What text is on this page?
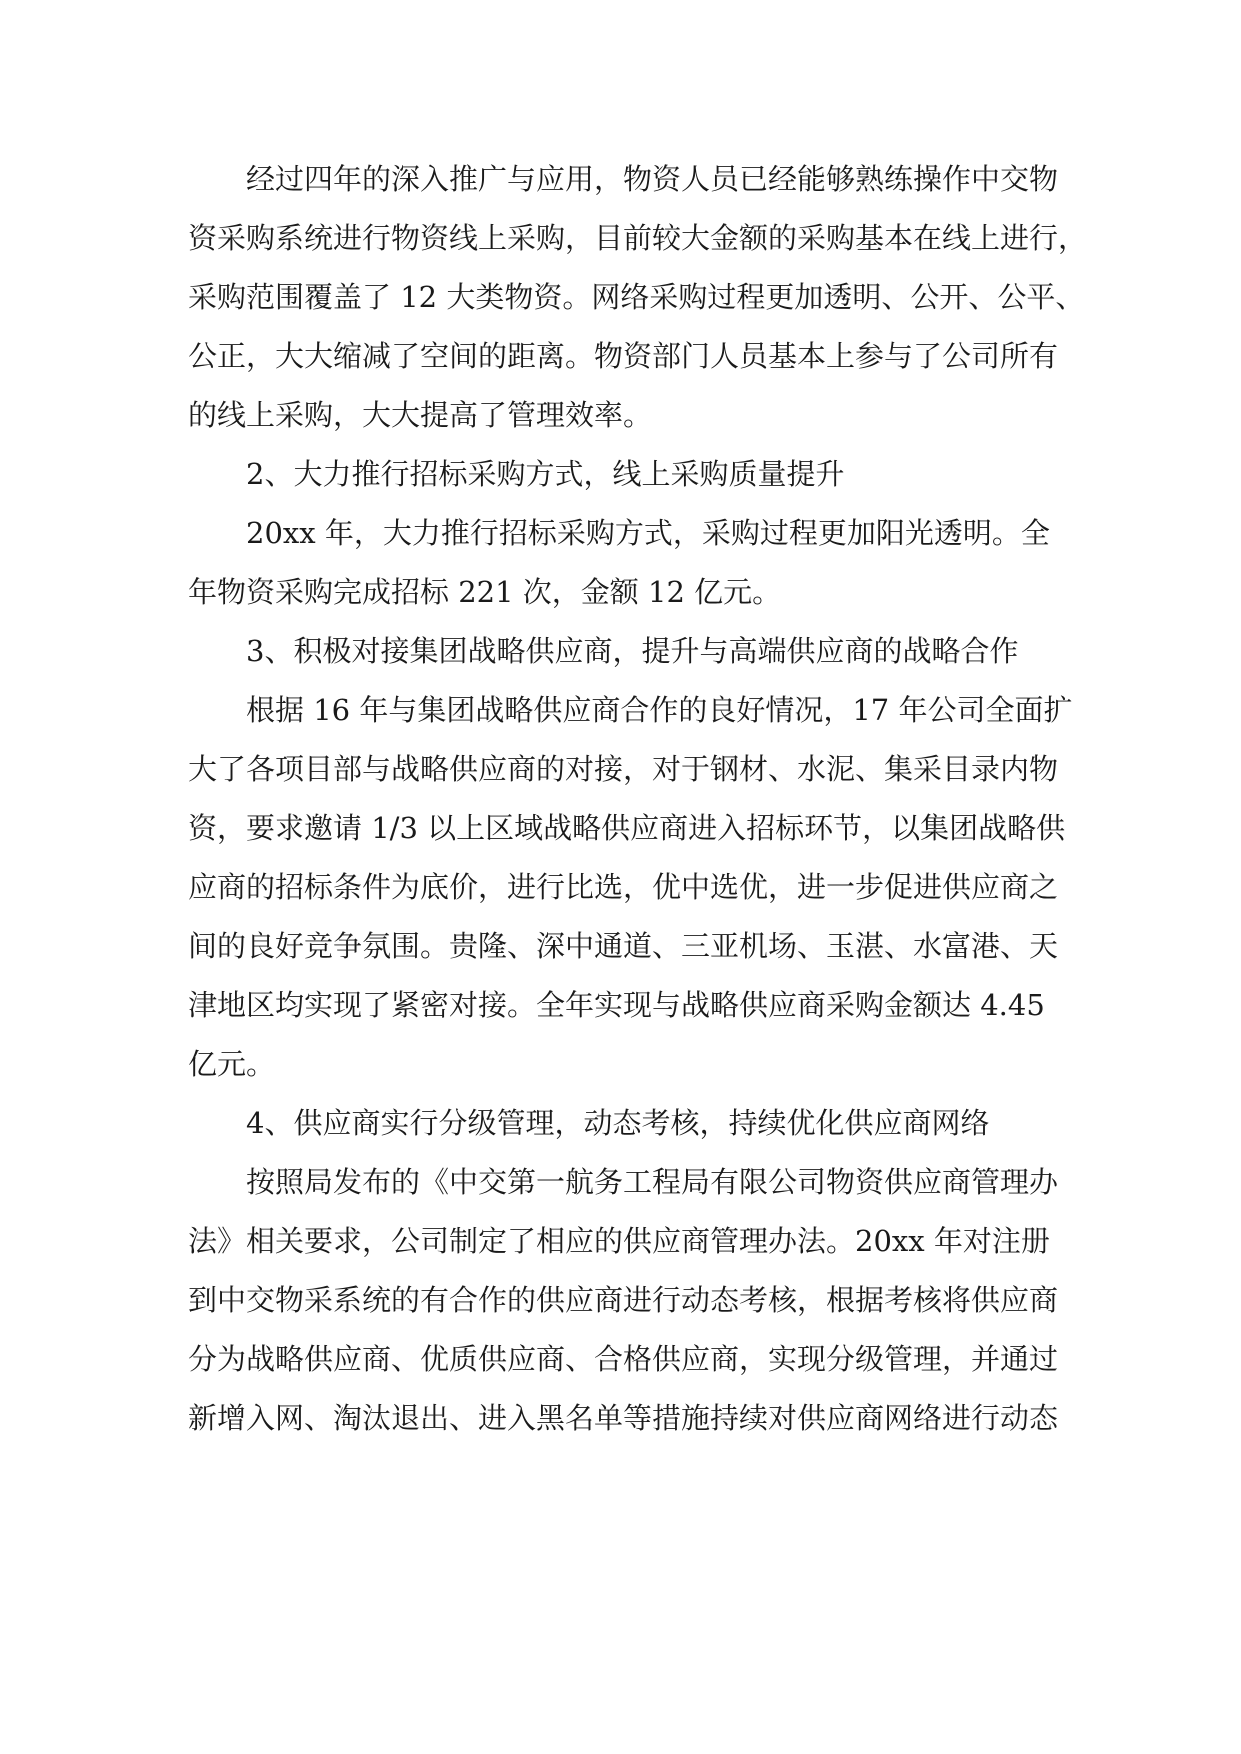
经过四年的深入推广与应用，物资人员已经能够熟练操作中交物
资采购系统进行物资线上采购，目前较大金额的采购基本在线上进行，
采购范围覆盖了 12 大类物资。网络采购过程更加透明、公开、公平、
公正，大大缩减了空间的距离。物资部门人员基本上参与了公司所有
的线上采购，大大提高了管理效率。
2、大力推行招标采购方式，线上采购质量提升
20xx 年，大力推行招标采购方式，采购过程更加阳光透明。全
年物资采购完成招标 221 次，金额 12 亿元。
3、积极对接集团战略供应商，提升与高端供应商的战略合作
根据 16 年与集团战略供应商合作的良好情况，17 年公司全面扩
大了各项目部与战略供应商的对接，对于钢材、水泥、集采目录内物
资，要求邀请 1/3 以上区域战略供应商进入招标环节，以集团战略供
应商的招标条件为底价，进行比选，优中选优，进一步促进供应商之
间的良好竞争氛围。贵隆、深中通道、三亚机场、玉湛、水富港、天
津地区均实现了紧密对接。全年实现与战略供应商采购金额达 4.45
亿元。
4、供应商实行分级管理，动态考核，持续优化供应商网络
按照局发布的《中交第一航务工程局有限公司物资供应商管理办
法》相关要求，公司制定了相应的供应商管理办法。20xx 年对注册
到中交物采系统的有合作的供应商进行动态考核，根据考核将供应商
分为战略供应商、优质供应商、合格供应商，实现分级管理，并通过
新增入网、淘汰退出、进入黑名单等措施持续对供应商网络进行动态
